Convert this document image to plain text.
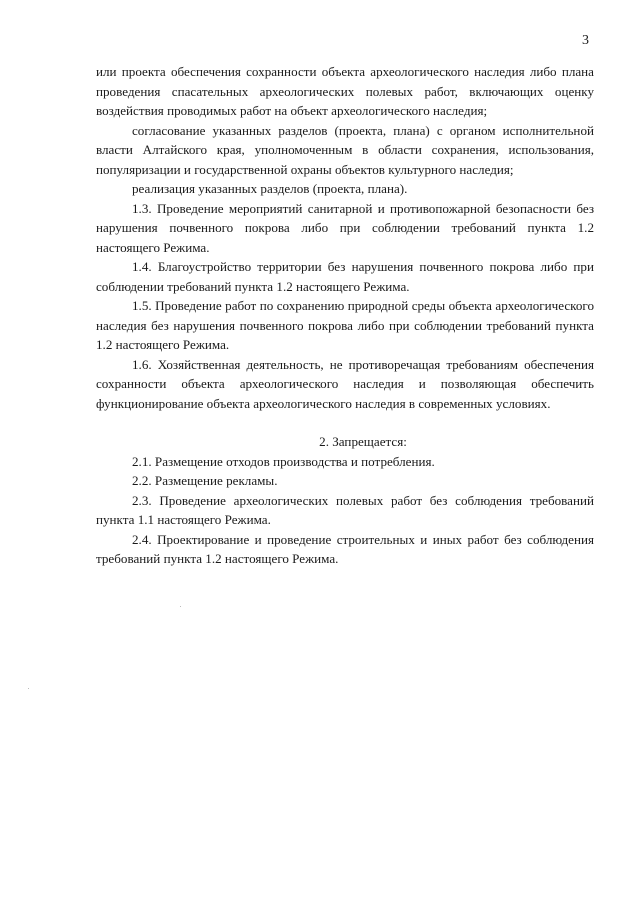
3

или проекта обеспечения сохранности объекта археологического наследия либо плана проведения спасательных археологических полевых работ, включающих оценку воздействия проводимых работ на объект археологического наследия;

согласование указанных разделов (проекта, плана) с органом исполнительной власти Алтайского края, уполномоченным в области сохранения, использования, популяризации и государственной охраны объектов культурного наследия;

реализация указанных разделов (проекта, плана).

1.3. Проведение мероприятий санитарной и противопожарной безопасности без нарушения почвенного покрова либо при соблюдении требований пункта 1.2 настоящего Режима.

1.4. Благоустройство территории без нарушения почвенного покрова либо при соблюдении требований пункта 1.2 настоящего Режима.

1.5. Проведение работ по сохранению природной среды объекта археологического наследия без нарушения почвенного покрова либо при соблюдении требований пункта 1.2 настоящего Режима.

1.6. Хозяйственная деятельность, не противоречащая требованиям обеспечения сохранности объекта археологического наследия и позволяющая обеспечить функционирование объекта археологического наследия в современных условиях.

2. Запрещается:

2.1. Размещение отходов производства и потребления.

2.2. Размещение рекламы.

2.3. Проведение археологических полевых работ без соблюдения требований пункта 1.1 настоящего Режима.

2.4. Проектирование и проведение строительных и иных работ без соблюдения требований пункта 1.2 настоящего Режима.
